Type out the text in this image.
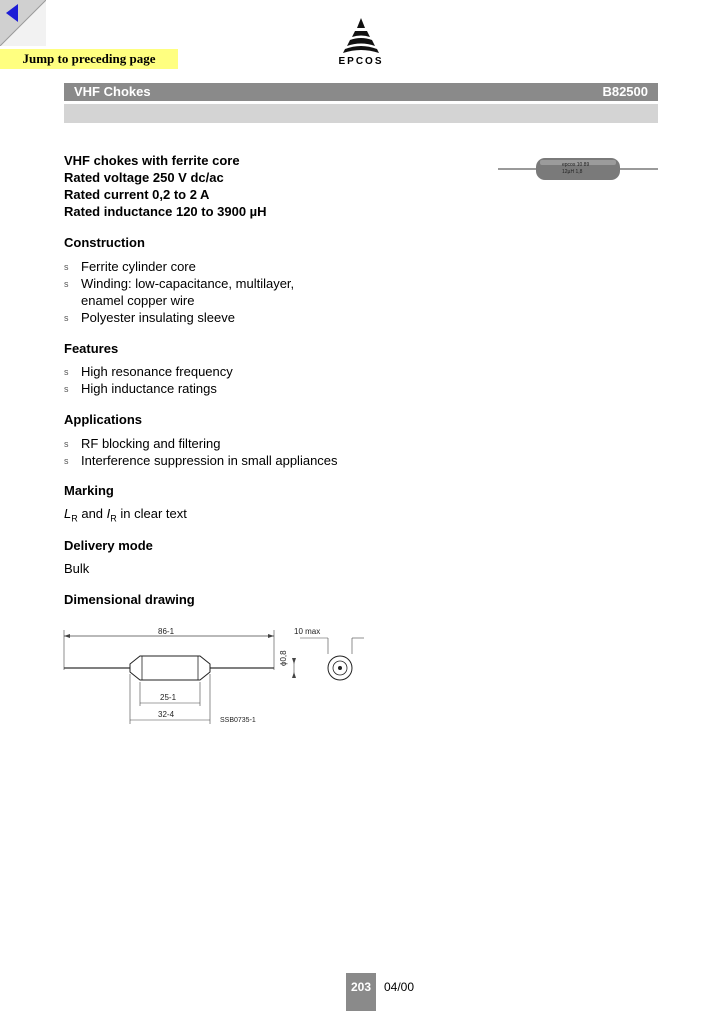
Jump to preceding page	EPCOS
VHF Chokes	B82500
VHF chokes with ferrite core
Rated voltage 250 V dc/ac
Rated current 0,2 to 2 A
Rated inductance 120 to 3900 µH
epcos 10 89
12µH 1,8
Construction
s Ferrite cylinder core
s Winding: low-capacitance, multilayer,
enamel copper wire
s Polyester insulating sleeve
Features
s High resonance frequency
s High inductance ratings
Applications
s RF blocking and filtering
s Interference suppression in small appliances
Marking
$L_R$ and $I_R$ in clear text
Delivery mode
Bulk
Dimensional drawing
86-1
ϕ0,8
10 max
25-1
32-4
SSB0735-1
203	04/00
